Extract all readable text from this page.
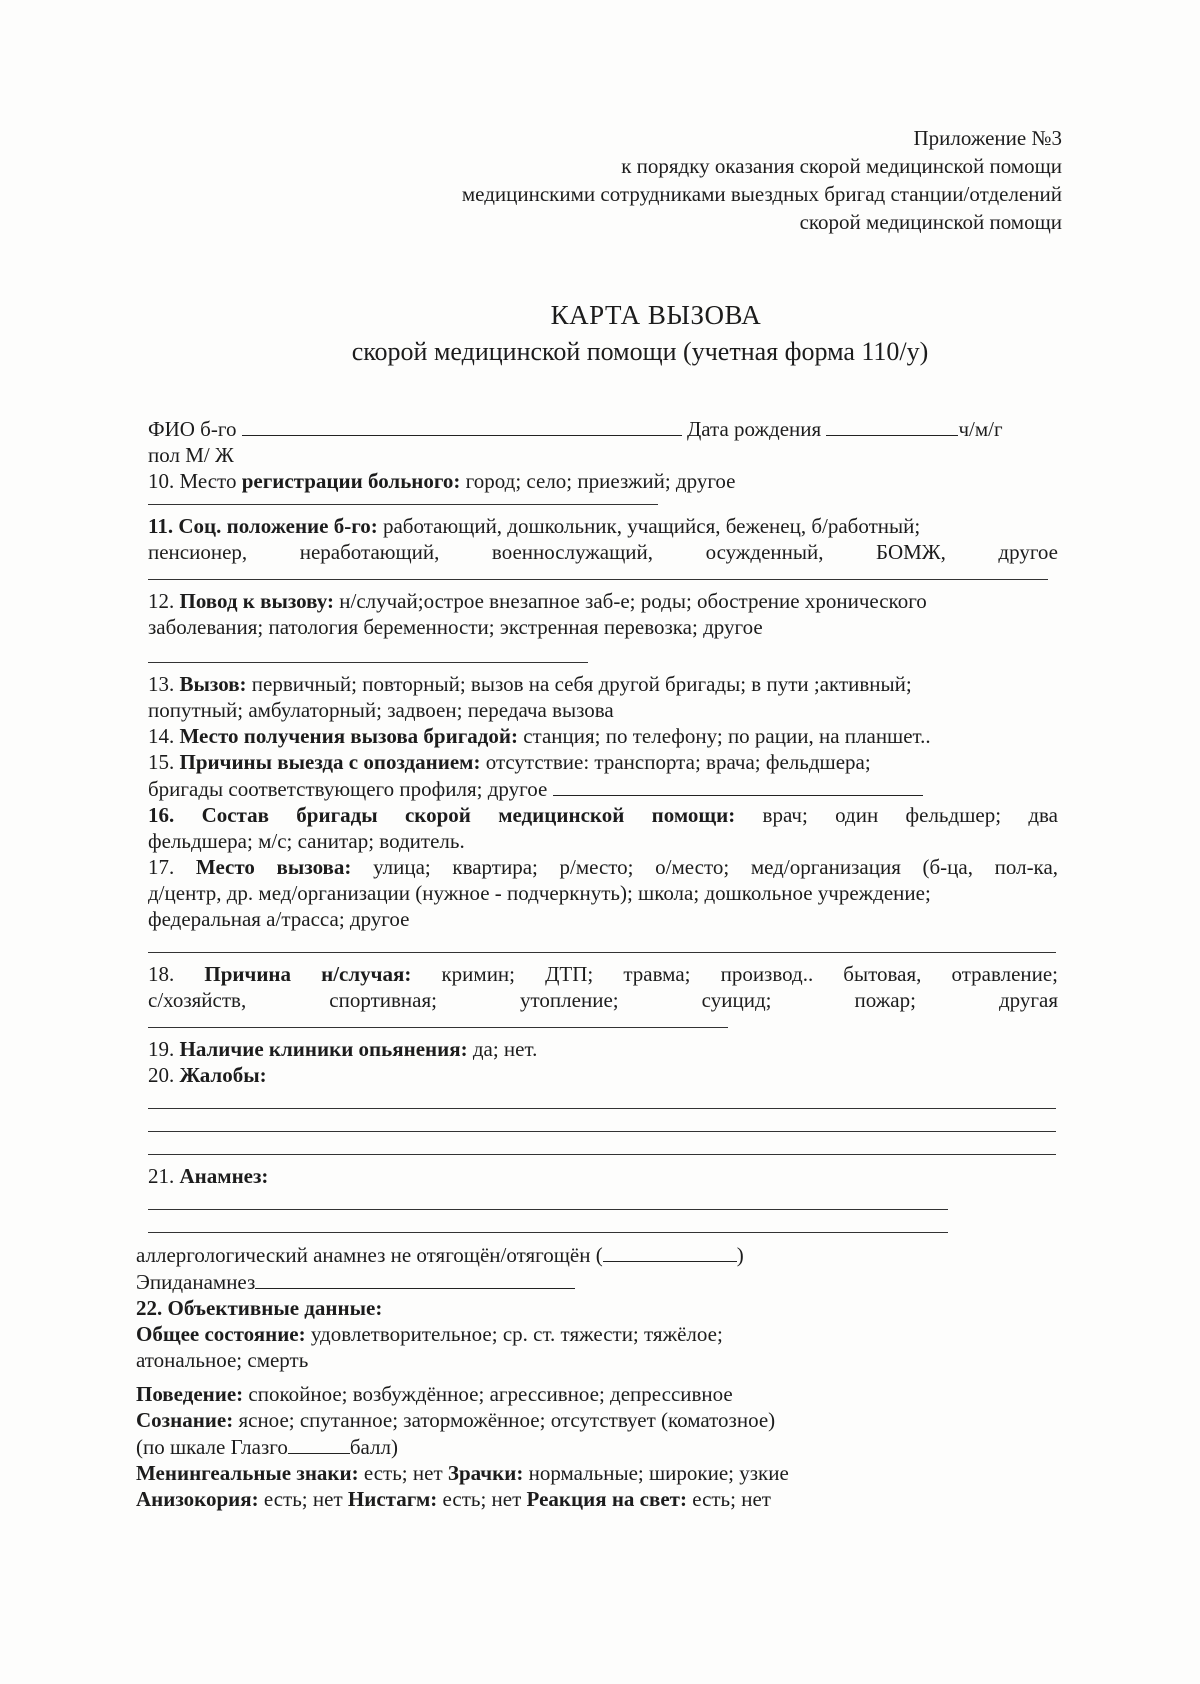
Приложение №3
к порядку оказания скорой медицинской помощи
медицинскими сотрудниками выездных бригад станции/отделений
скорой медицинской помощи
КАРТА ВЫЗОВА
скорой медицинской помощи (учетная форма 110/у)
ФИО б-го	Дата рождения	ч/м/г
пол М/ Ж
10. Место регистрации больного: город; село; приезжий; другое
11. Соц. положение б-го: работающий, дошкольник, учащийся, беженец, б/работный;
пенсионер, неработающий, военнослужащий, осужденный, БОМЖ, другое
12. Повод к вызову: н/случай;острое внезапное заб-е; роды; обострение хронического
заболевания; патология беременности; экстренная перевозка; другое
13. Вызов: первичный; повторный; вызов на себя другой бригады; в пути ;активный;
попутный; амбулаторный; задвоен; передача вызова
14. Место получения вызова бригадой: станция; по телефону; по рации, на планшет..
15. Причины выезда с опозданием: отсутствие: транспорта; врача; фельдшера;
бригады соответствующего профиля; другое
16. Состав бригады скорой медицинской помощи: врач; один фельдшер; два
фельдшера; м/с; санитар; водитель.
17. Место вызова: улица; квартира; р/место; о/место; мед/организация (б-ца, пол-ка,
д/центр, др. мед/организации (нужное - подчеркнуть); школа; дошкольное учреждение;
федеральная а/трасса; другое
18. Причина н/случая: кримин; ДТП; травма; производ.. бытовая, отравление;
с/хозяйств, спортивная; утопление; суицид; пожар; другая
19. Наличие клиники опьянения: да; нет.
20. Жалобы:
21. Анамнез:
аллергологический анамнез не отягощён/отягощён (	)
Эпиданамнез
22. Объективные данные:
Общее состояние: удовлетворительное; ср. ст. тяжести; тяжёлое;
атональное; смерть
Поведение: спокойное; возбуждённое; агрессивное; депрессивное
Сознание: ясное; спутанное; заторможённое; отсутствует (коматозное)
(по шкале Глазго	балл)
Менингеальные знаки: есть; нет Зрачки: нормальные; широкие; узкие
Анизокория: есть; нет Нистагм: есть; нет Реакция на свет: есть; нет
